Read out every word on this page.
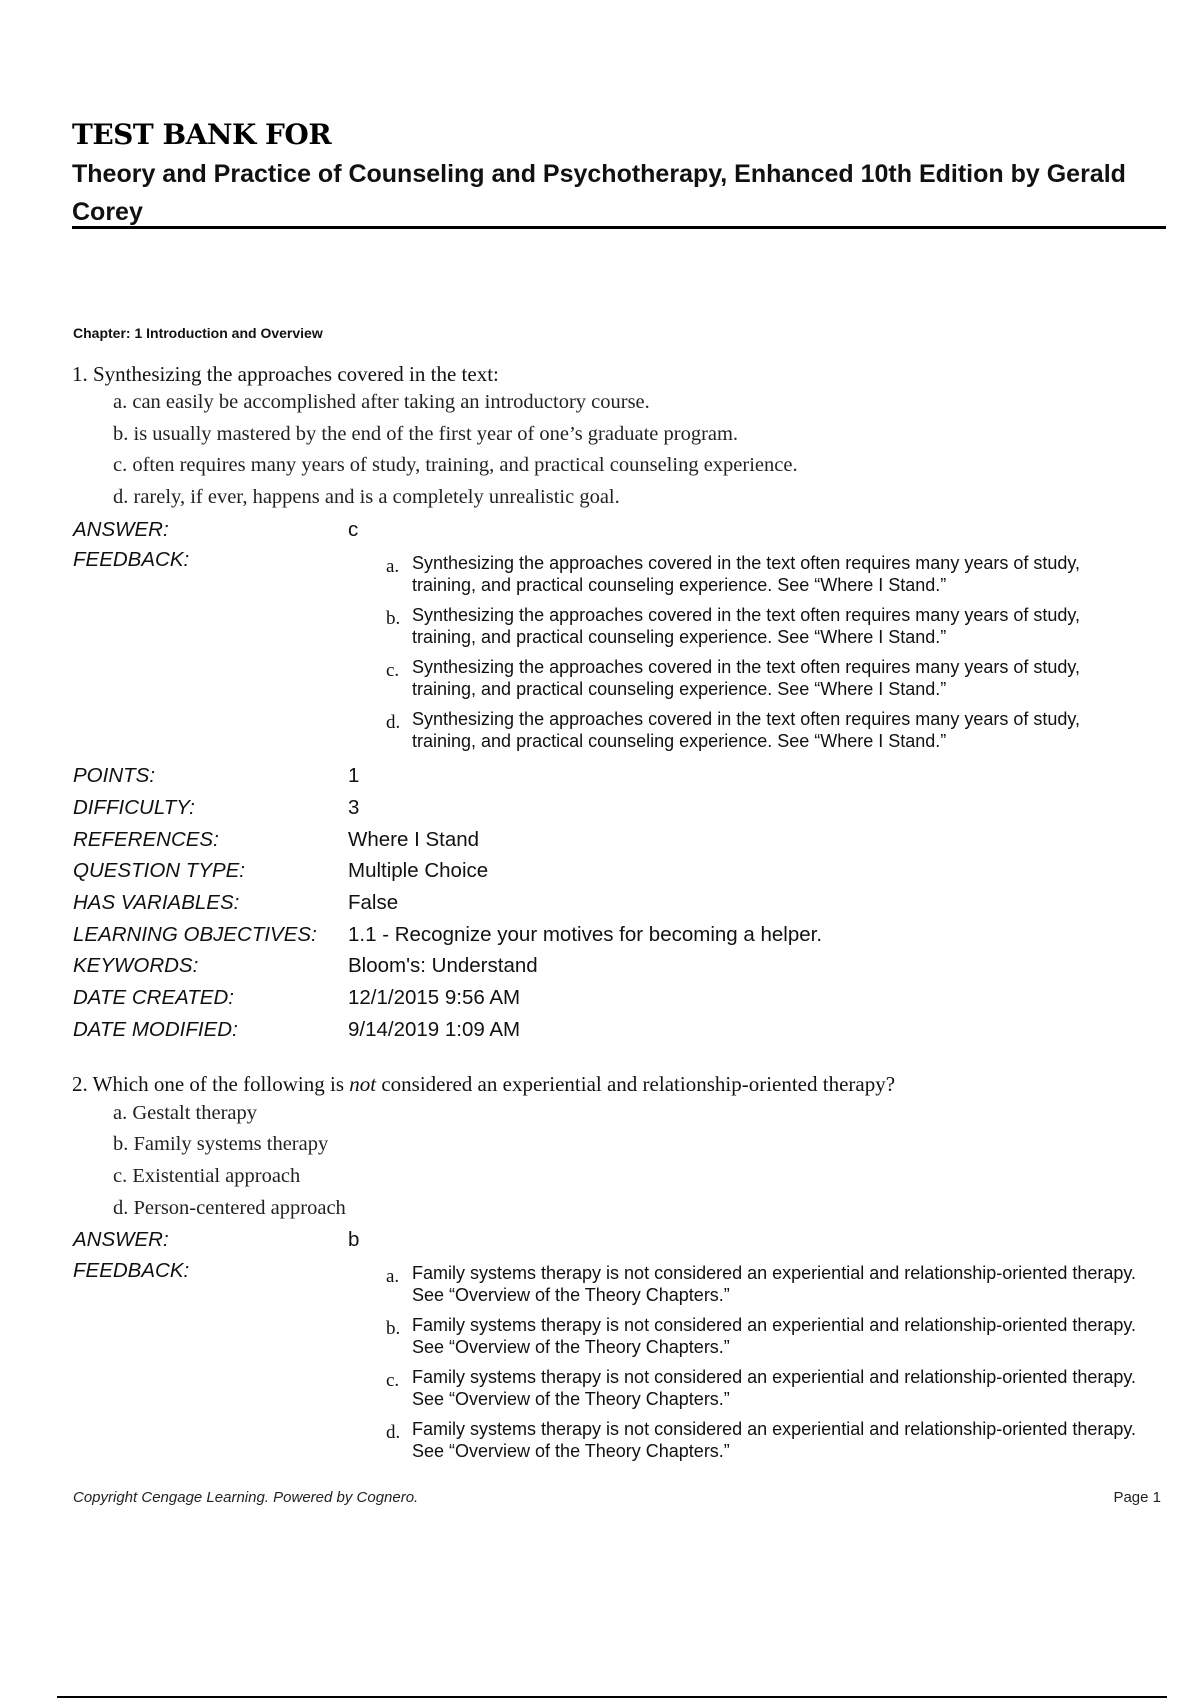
TEST BANK FOR
Theory and Practice of Counseling and Psychotherapy, Enhanced 10th Edition by Gerald Corey
Chapter: 1 Introduction and Overview
1. Synthesizing the approaches covered in the text:
a. can easily be accomplished after taking an introductory course.
b. is usually mastered by the end of the first year of one’s graduate program.
c. often requires many years of study, training, and practical counseling experience.
d. rarely, if ever, happens and is a completely unrealistic goal.
ANSWER:	c
FEEDBACK:	a. Synthesizing the approaches covered in the text often requires many years of study, training, and practical counseling experience. See “Where I Stand.”
b. Synthesizing the approaches covered in the text often requires many years of study, training, and practical counseling experience. See “Where I Stand.”
c. Synthesizing the approaches covered in the text often requires many years of study, training, and practical counseling experience. See “Where I Stand.”
d. Synthesizing the approaches covered in the text often requires many years of study, training, and practical counseling experience. See “Where I Stand.”
POINTS:	1
DIFFICULTY:	3
REFERENCES:	Where I Stand
QUESTION TYPE:	Multiple Choice
HAS VARIABLES:	False
LEARNING OBJECTIVES: 1.1 - Recognize your motives for becoming a helper.
KEYWORDS:	Bloom's: Understand
DATE CREATED:	12/1/2015 9:56 AM
DATE MODIFIED:	9/14/2019 1:09 AM
2. Which one of the following is not considered an experiential and relationship-oriented therapy?
a. Gestalt therapy
b. Family systems therapy
c. Existential approach
d. Person-centered approach
ANSWER:	b
FEEDBACK:	a. Family systems therapy is not considered an experiential and relationship-oriented therapy. See “Overview of the Theory Chapters.”
b. Family systems therapy is not considered an experiential and relationship-oriented therapy. See “Overview of the Theory Chapters.”
c. Family systems therapy is not considered an experiential and relationship-oriented therapy. See “Overview of the Theory Chapters.”
d. Family systems therapy is not considered an experiential and relationship-oriented therapy. See “Overview of the Theory Chapters.”
Copyright Cengage Learning. Powered by Cognero.	Page 1
